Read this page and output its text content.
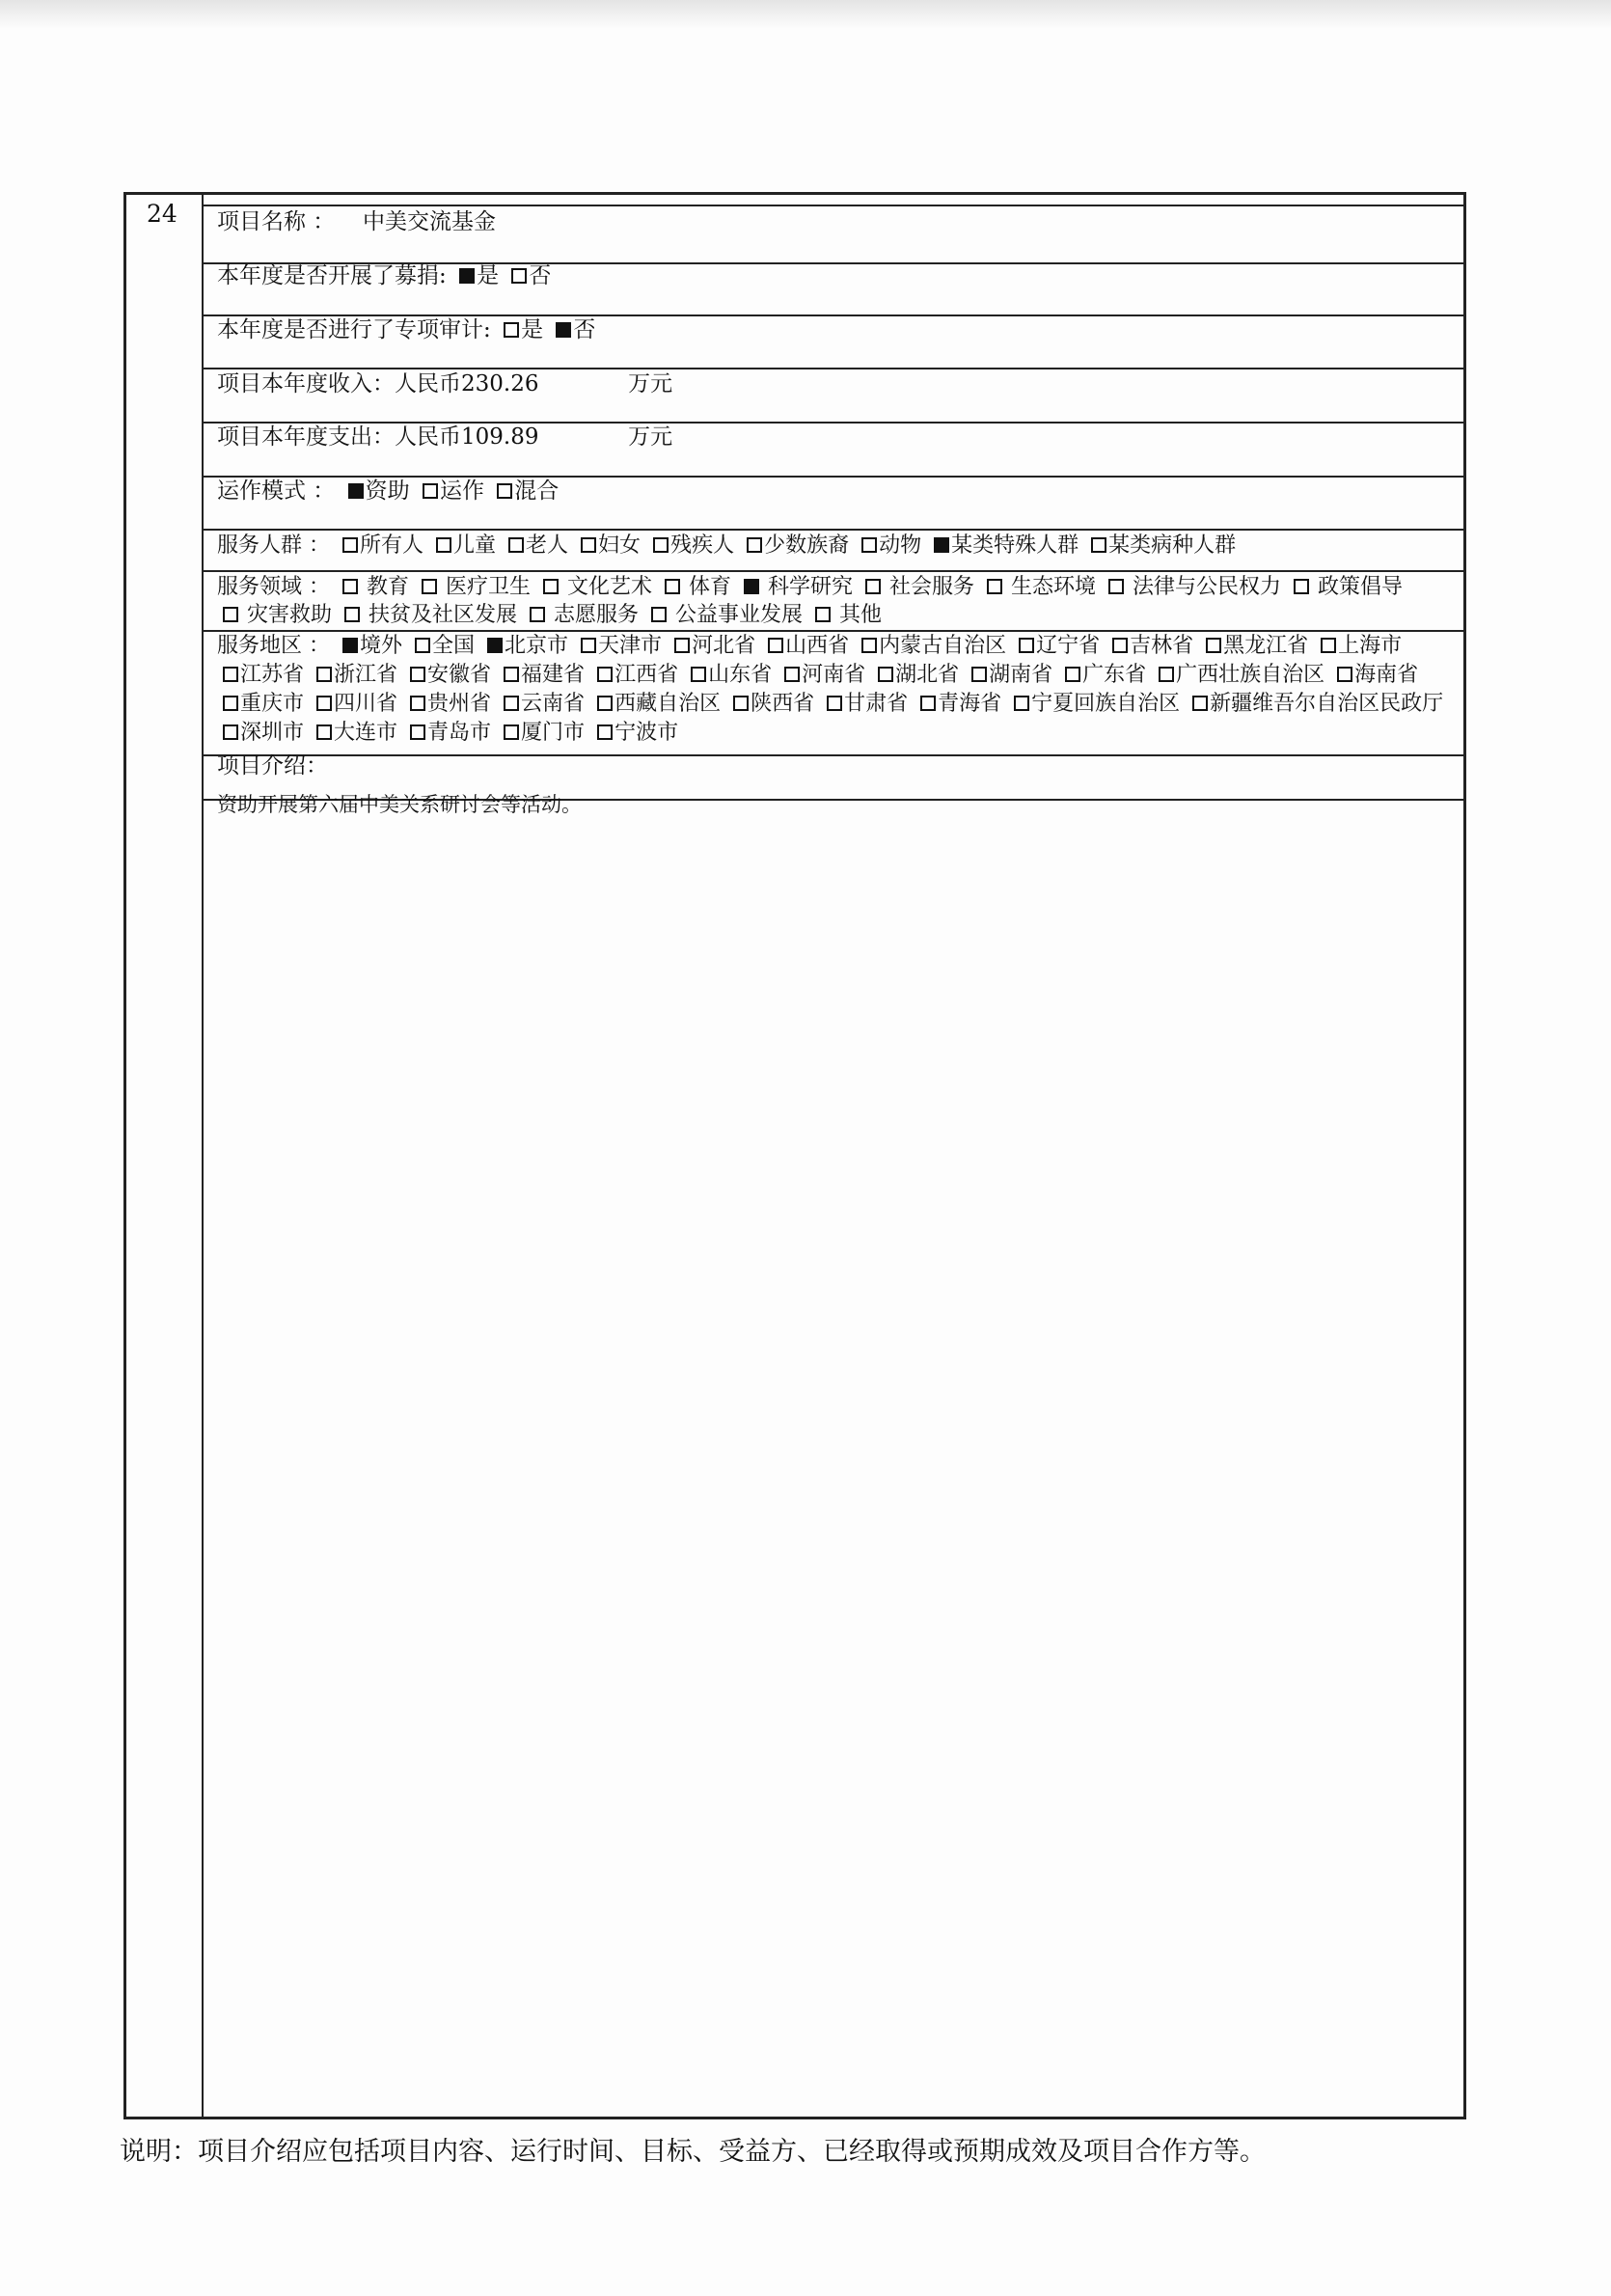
24 项目名称 ： 中美交流基金
本年度是否开展了募捐: 是 否
本年度是否进行了专项审计: 是 否
项目本年度收入：人民币230.26	万元
项目本年度支出：人民币109.89	万元
运作模式 ： 资助 运作 混合
服务人群 ： 所有人 儿童 老人 妇女 残疾人 少数族裔 动物 某类特殊人群 某类病种人群
服务领域 ：  教育  医疗卫生  文化艺术  体育  科学研究  社会服务  生态环境  法律与公民权力  政策倡导  灾害救助  扶贫及社区发展  志愿服务  公益事业发展  其他
服务地区 ： 境外 全国 北京市 天津市 河北省 山西省 内蒙古自治区 辽宁省 吉林省 黑龙江省 上海市 江苏省 浙江省 安徽省 福建省 江西省 山东省 河南省 湖北省 湖南省 广东省 广西壮族自治区 海南省 重庆市 四川省 贵州省 云南省 西藏自治区 陕西省 甘肃省 青海省 宁夏回族自治区 新疆维吾尔自治区民政厅 深圳市 大连市 青岛市 厦门市 宁波市
项目介绍：
资助开展第六届中美关系研讨会等活动。
说明：项目介绍应包括项目内容、运行时间、目标、受益方、已经取得或预期成效及项目合作方等。
